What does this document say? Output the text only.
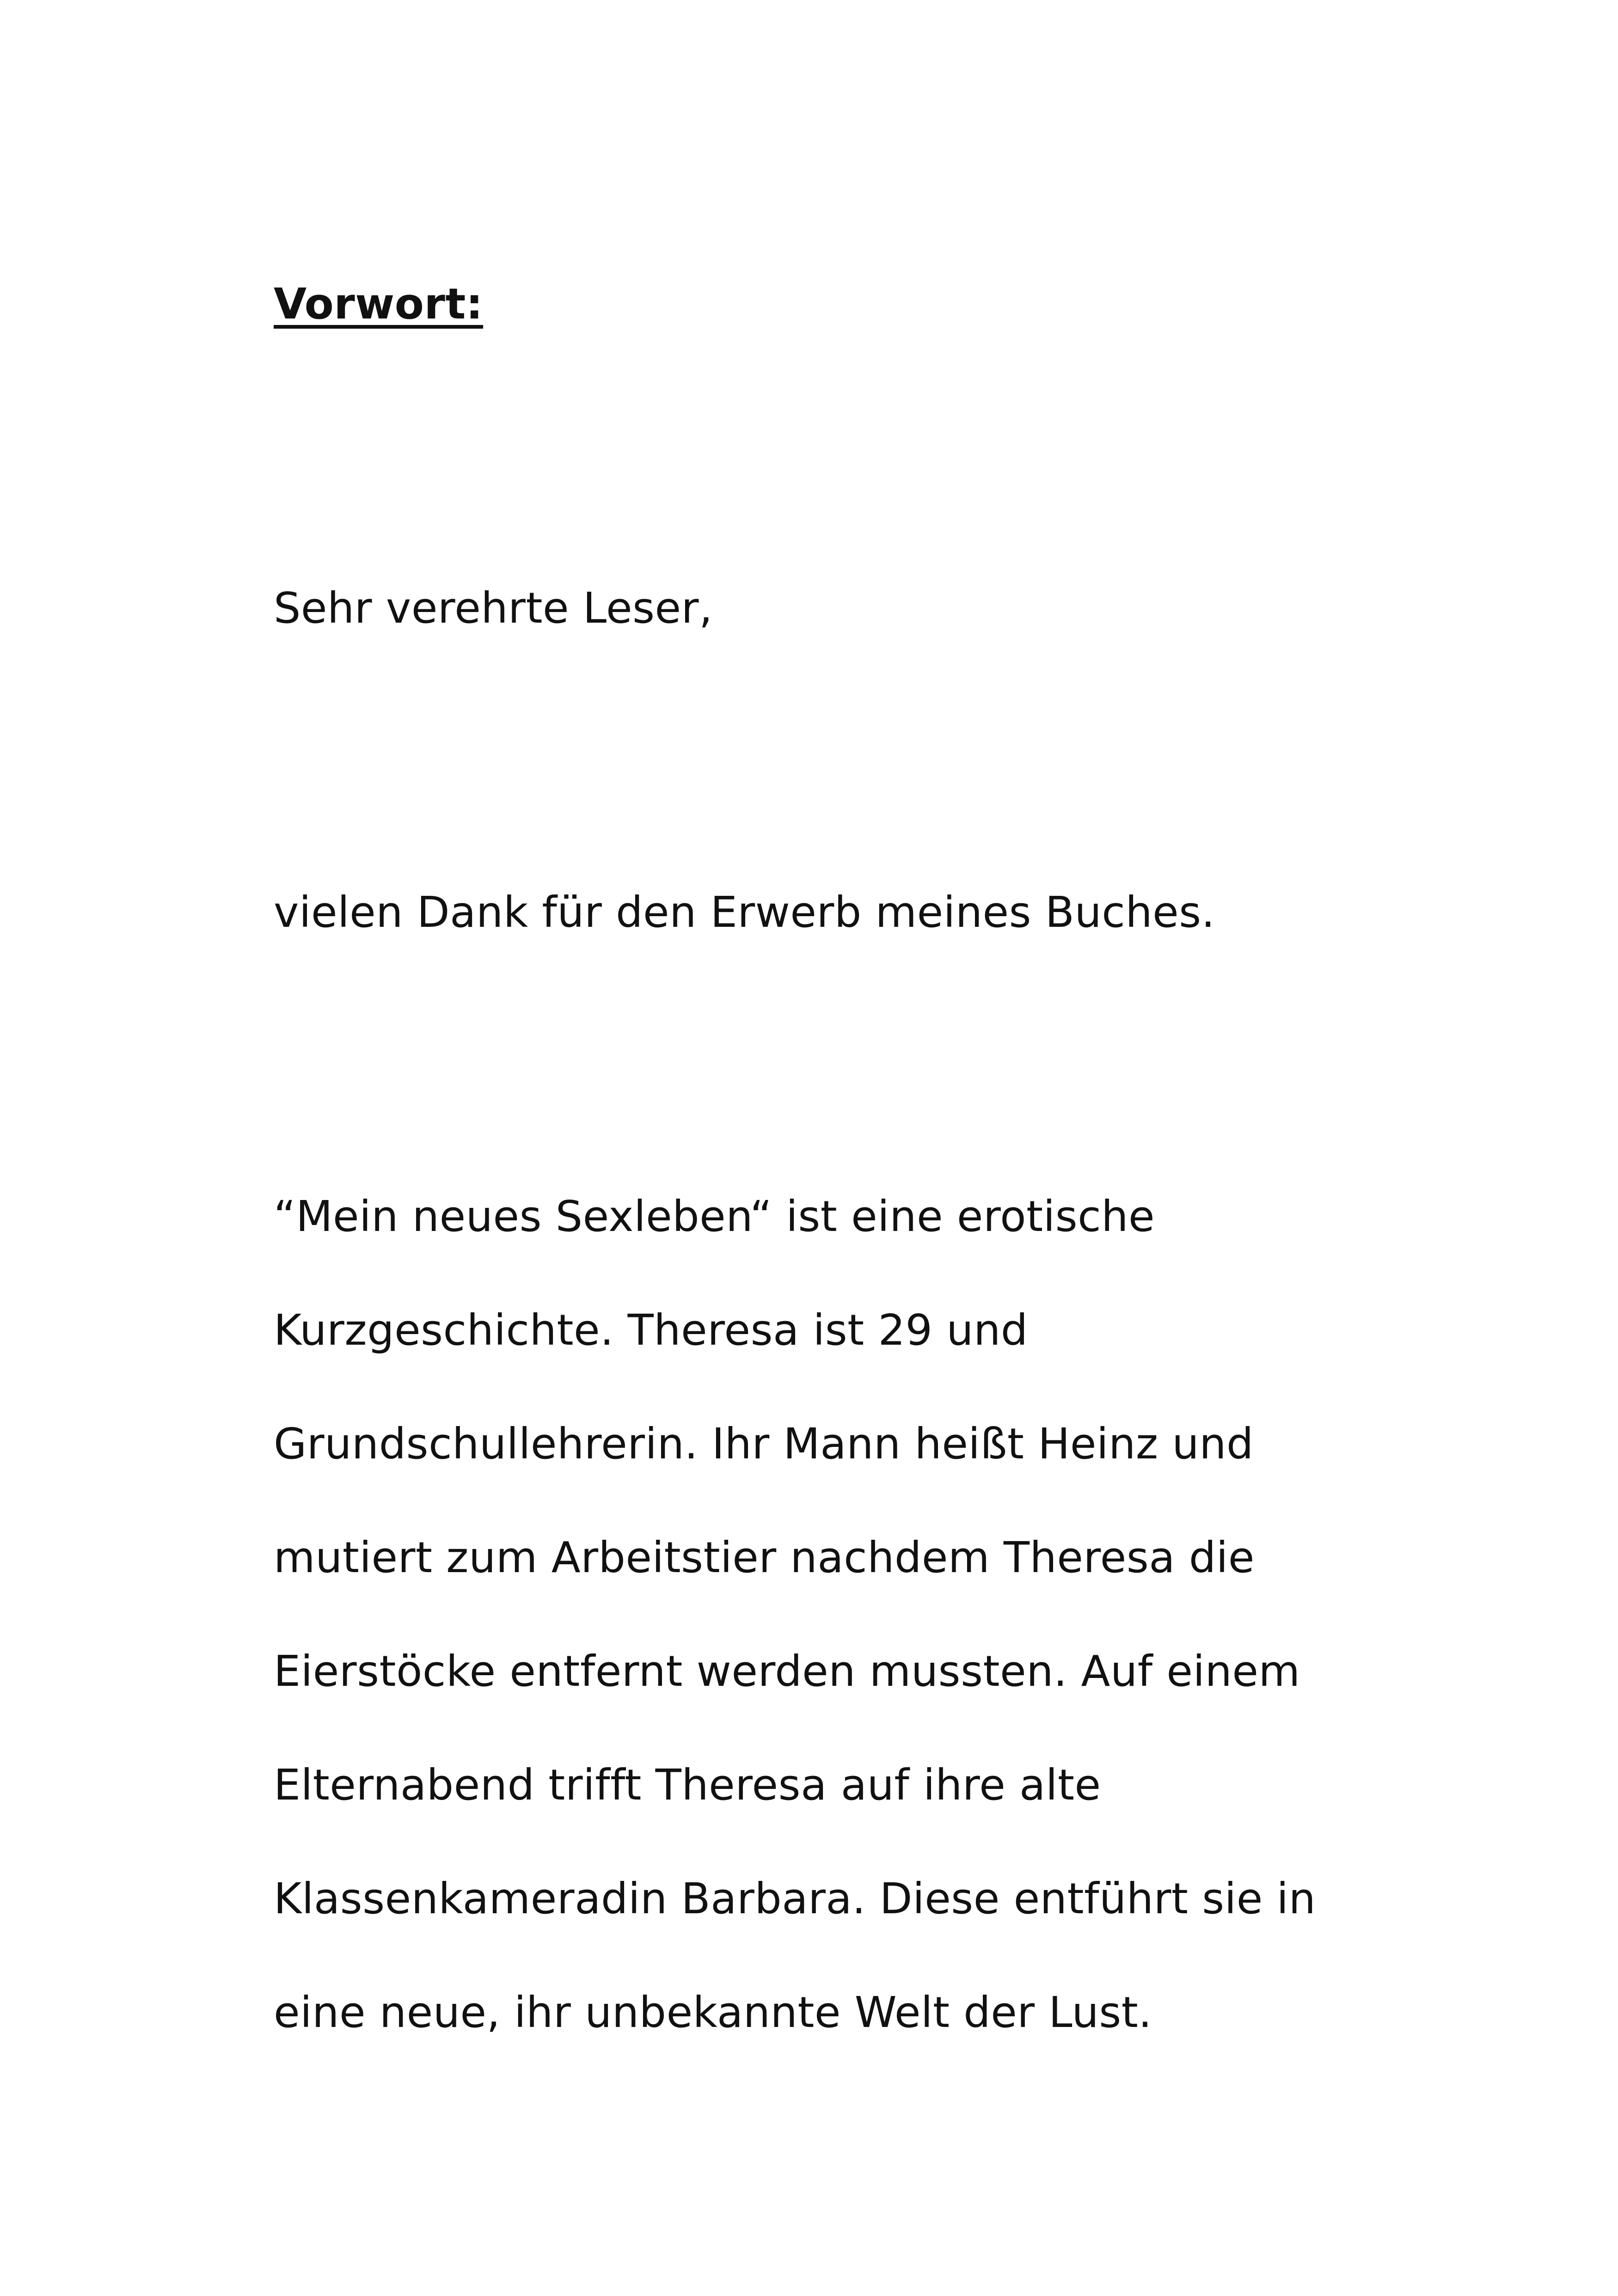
Vorwort:

Sehr verehrte Leser,

vielen Dank für den Erwerb meines Buches.

“Mein neues Sexleben“ ist eine erotische

Kurzgeschichte. Theresa ist 29 und

Grundschullehrerin. Ihr Mann heißt Heinz und

mutiert zum Arbeitstier nachdem Theresa die

Eierstöcke entfernt werden mussten. Auf einem

Elternabend trifft Theresa auf ihre alte

Klassenkameradin Barbara. Diese entführt sie in

eine neue, ihr unbekannte Welt der Lust.
